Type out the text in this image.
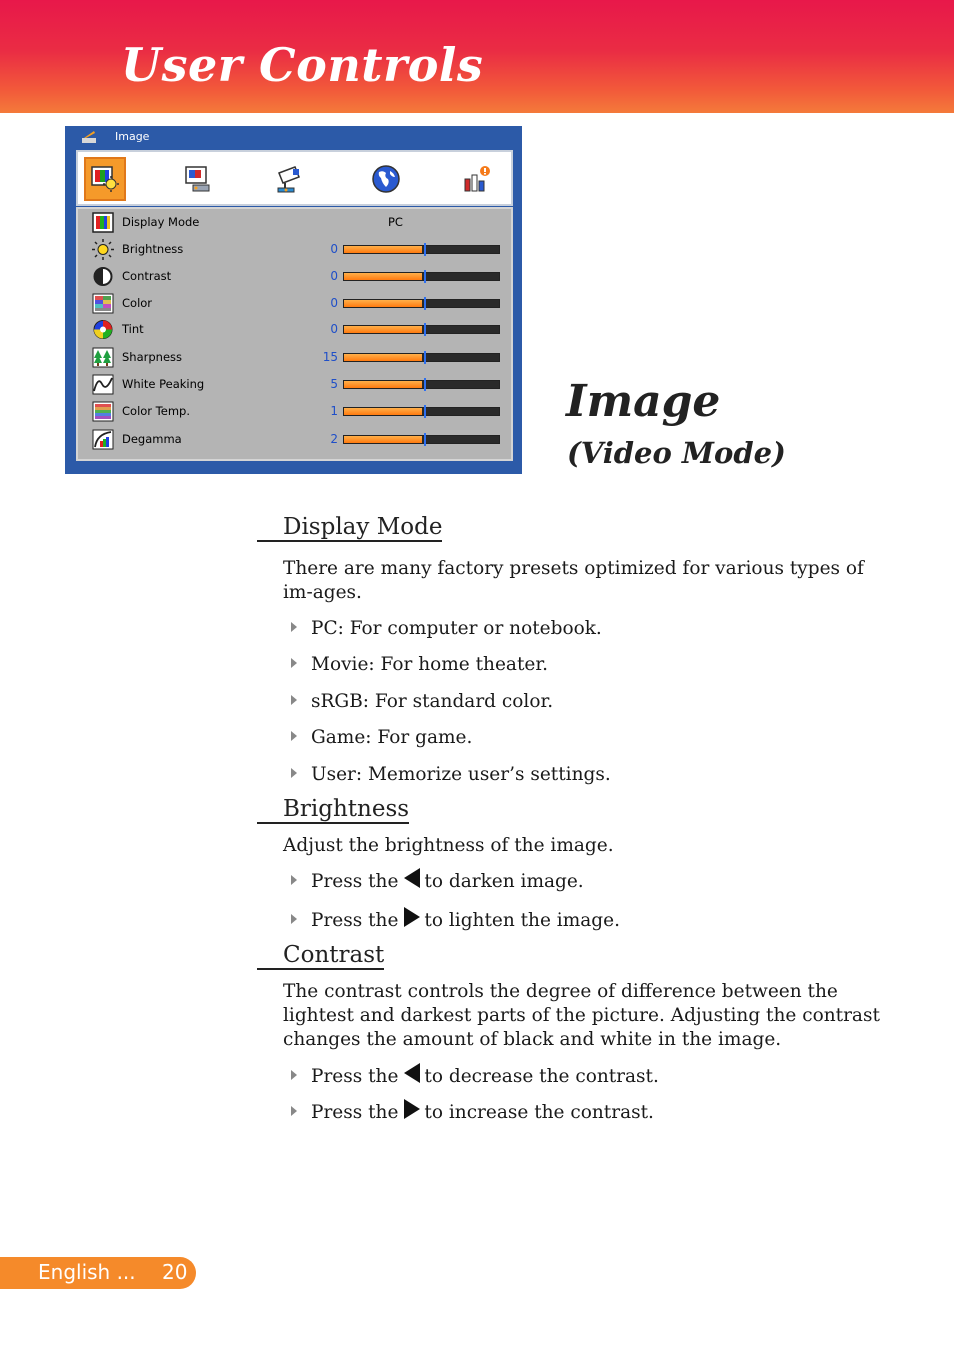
User Controls
Image
Display Mode	PC
Brightness	0
Contrast	0
Color	0
Tint	0
Sharpness	15
White Peaking	5
Color Temp.	1
Degamma	2
Image
(Video Mode)
Display Mode
There are many factory presets optimized for various types of im-ages.
PC: For computer or notebook.
Movie: For home theater.
sRGB: For standard color.
Game: For game.
User: Memorize user’s settings.
Brightness
Adjust the brightness of the image.
Press the to darken image.
Press the to lighten the image.
Contrast
The contrast controls the degree of difference between the lightest and darkest parts of the picture. Adjusting the contrast changes the amount of black and white in the image.
Press the to decrease the contrast.
Press the to increase the contrast.
English ... 20
